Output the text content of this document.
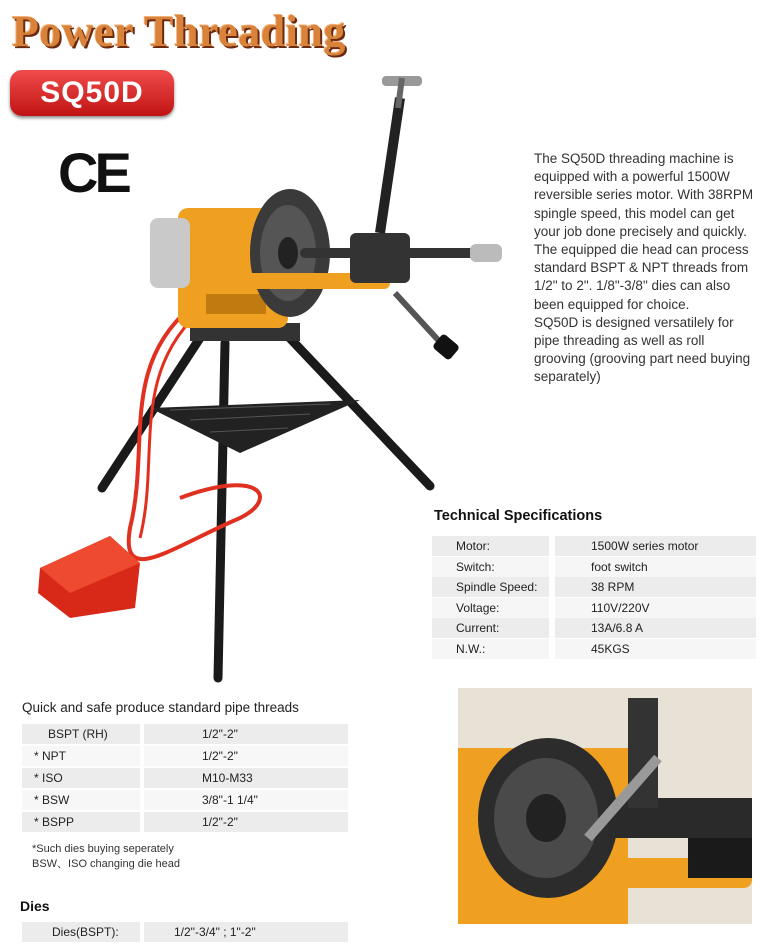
Power Threading
SQ50D
CE	The SQ50D threading machine is equipped with a powerful 1500W reversible series motor. With 38RPM spingle speed, this model can get your job done precisely and quickly.

The equipped die head can process standard BSPT & NPT threads from 1/2" to 2". 1/8"-3/8" dies can also been equipped for choice.

SQ50D is designed versatilely for pipe threading as well as roll grooving (grooving part need buying separately)

Technical Specifications
Motor:	1500W series motor
Switch:	foot switch
Spindle Speed:	38 RPM
Voltage:	110V/220V
Current:	13A/6.8 A
N.W.:	45KGS
Quick and safe produce standard pipe threads
BSPT (RH)	1/2"-2"
* NPT	1/2"-2"
* ISO	M10-M33
* BSW	3/8"-1 1/4"
* BSPP	1/2"-2"
*Such dies buying seperately
BSW、ISO changing die head
Dies
Dies(BSPT):	1/2"-3/4" ; 1"-2"
